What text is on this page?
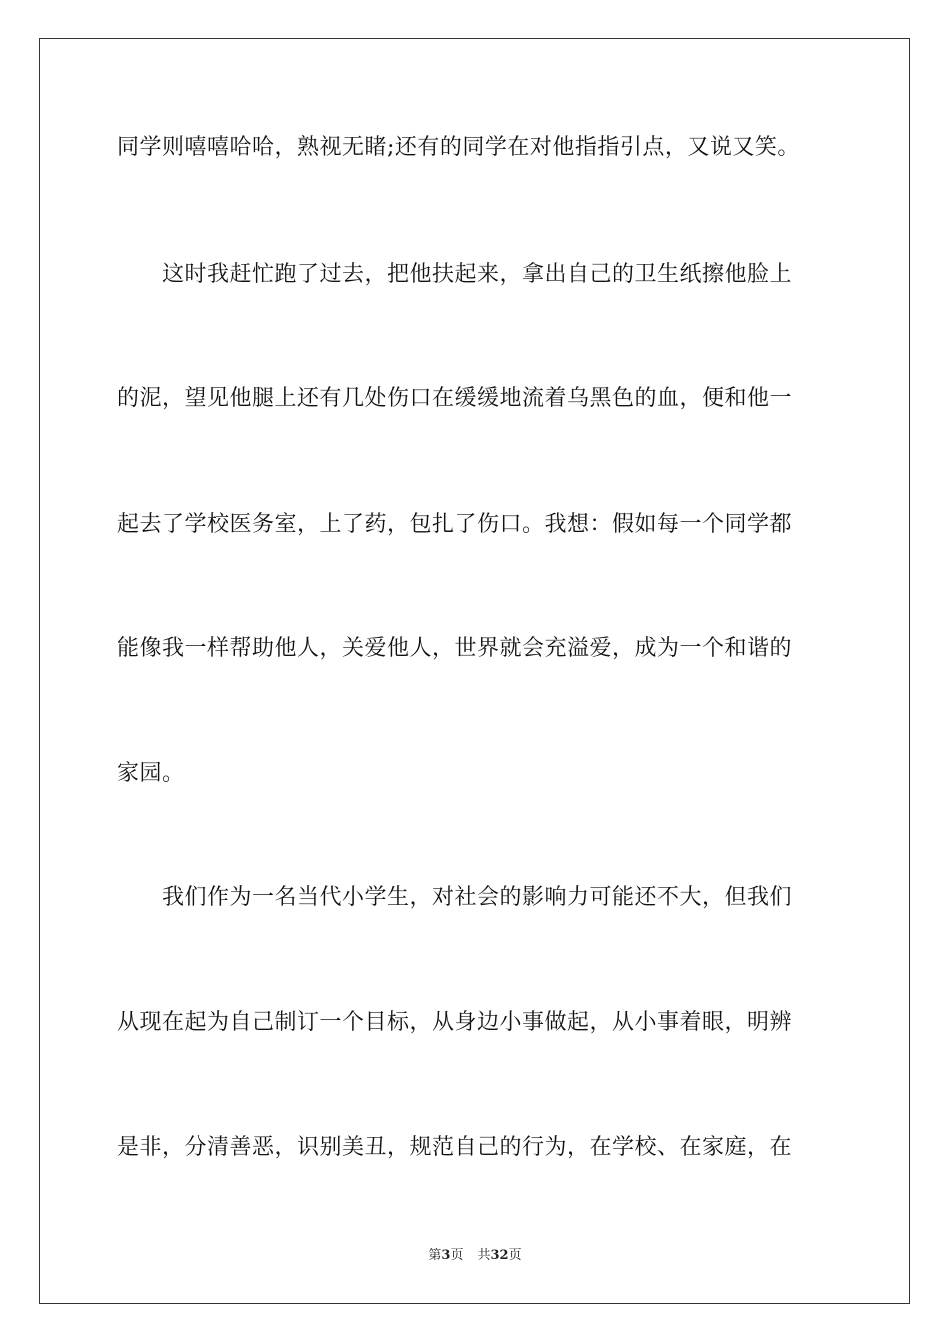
同学则嘻嘻哈哈，熟视无睹;还有的同学在对他指指引点，又说又笑。
　　这时我赶忙跑了过去，把他扶起来，拿出自己的卫生纸擦他脸上
的泥，望见他腿上还有几处伤口在缓缓地流着乌黑色的血，便和他一
起去了学校医务室，上了药，包扎了伤口。我想：假如每一个同学都
能像我一样帮助他人，关爱他人，世界就会充溢爱，成为一个和谐的
家园。
　　我们作为一名当代小学生，对社会的影响力可能还不大，但我们
从现在起为自己制订一个目标，从身边小事做起，从小事着眼，明辨
是非，分清善恶，识别美丑，规范自己的行为，在学校、在家庭，在
第3页 共32页
